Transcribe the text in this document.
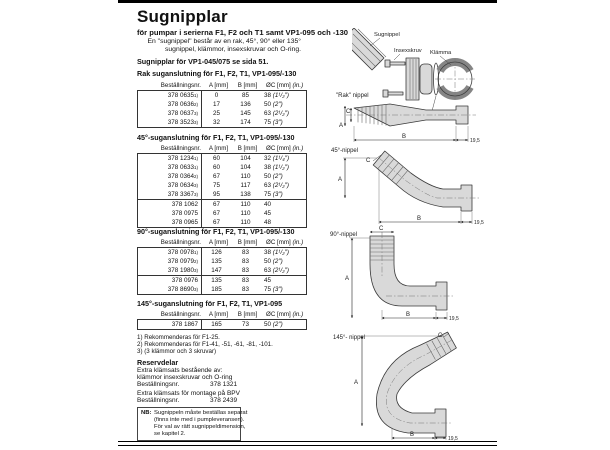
Sugnipplar
för pumpar i serierna F1, F2 och T1 samt VP1-095 och -130
En "sugnippel" består av en rak, 45°, 90° eller 135°
sugnippel, klämmor, insexskruvar och O-ring.
Sugnipplar för VP1-045/075 se sida 51.
Rak suganslutning för F1, F2, T1, VP1-095/-130
45°-suganslutning för F1, F2, T1, VP1-095/-130
90°-suganslutning för F1, F2, T1, VP1-095/-130
145°-suganslutning för F1, F2, T1, VP1-095
Beställningsnr.	A [mm]	B [mm]	ØC [mm] (in.)
378 0635 1)	0	85	38 (1¹/₂″)
378 0636 2)	17	136	50 (2″)
378 0637 3)	25	145	63 (2¹/₂″)
378 3523 3)	32	174	75 (3″)
Beställningsnr.	A [mm]	B [mm]	ØC [mm] (in.)
378 1234 1)	60	104	32 (1¹/₄″)
378 0633 1)	60	104	38 (1¹/₂″)
378 0364 2)	67	110	50 (2″)
378 0634 3)	75	117	63 (2¹/₂″)
378 3367 3)	95	138	75 (3″)
378 1062	67	110	40
378 0975	67	110	45
378 0965	67	110	48
Beställningsnr.	A [mm]	B [mm]	ØC [mm] (in.)
378 0978 1)	126	83	38 (1¹/₂″)
378 0979 2)	135	83	50 (2″)
378 1980 3)	147	83	63 (2¹/₂″)
378 0976	135	83	45
378 8690 3)	185	83	75 (3″)
Beställningsnr.	A [mm]	B [mm]	ØC [mm] (in.)
378 1867	165	73	50 (2″)
1) Rekommenderas för F1-25.
2) Rekommenderas för F1-41, -51, -61, -81, -101.
3) (3 klämmor och 3 skruvar)
Reservdelar
Extra klämsats bestående av:
klämmor insexskruvar och O-ring
Beställningsnr.	378 1321
Extra klämsats för montage på BPV
Beställningsnr.	378 2439
NB: Sugnippeln måste beställas separat
(finns inte med i pumpleveransen).
För val av rätt sugnippeldimension,
se kapitel 2.
"Rak" nippel
45°-nippel
90°-nippel
145°- nippel
Sugnippel
Insexskruv Klämma
C
A
B
19,5
C
A
B
19,5
C
A
B
19,5
C
A
B
19,5
